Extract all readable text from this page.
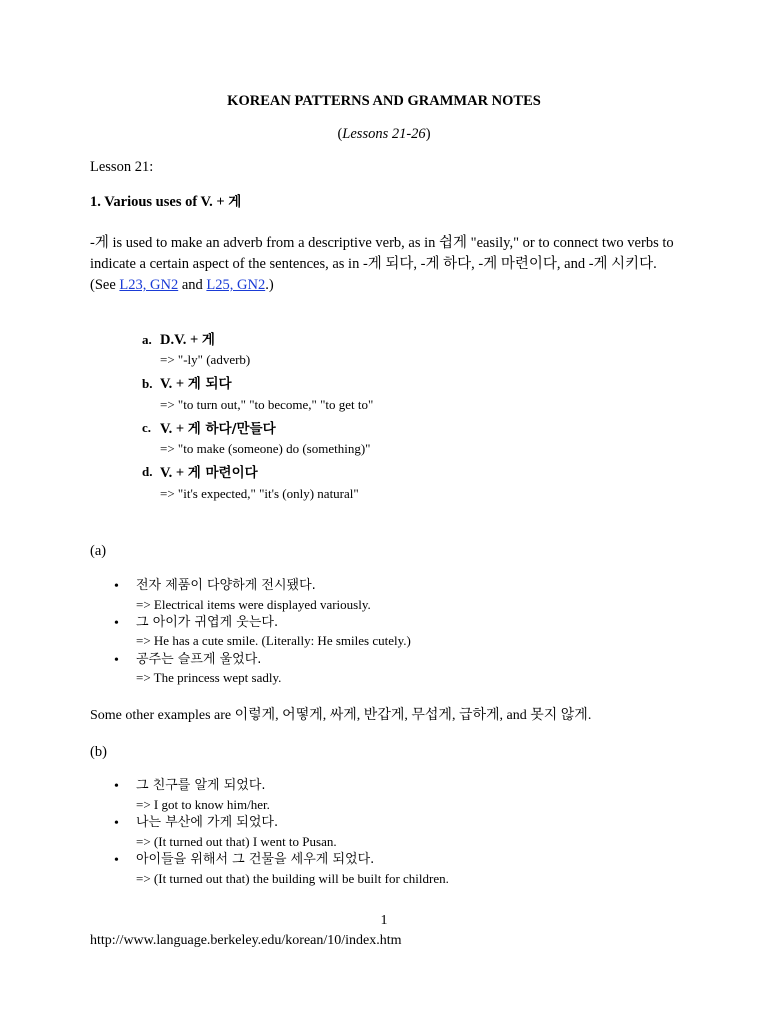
KOREAN PATTERNS AND GRAMMAR NOTES
(Lessons 21-26)
Lesson 21:
1. Various uses of V. + 게
-게 is used to make an adverb from a descriptive verb, as in 쉽게 "easily," or to connect two verbs to indicate a certain aspect of the sentences, as in -게 되다, -게 하다, -게 마련이다, and -게 시키다. (See L23, GN2 and L25, GN2.)
a. D.V. + 게
=> "-ly" (adverb)
b. V. + 게 되다
=> "to turn out," "to become," "to get to"
c. V. + 게 하다/만들다
=> "to make (someone) do (something)"
d. V. + 게 마련이다
=> "it's expected," "it's (only) natural"
(a)
• 전자 제품이 다양하게 전시됐다.
=> Electrical items were displayed variously.
• 그 아이가 귀엽게 웃는다.
=> He has a cute smile. (Literally: He smiles cutely.)
• 공주는 슬프게 울었다.
=> The princess wept sadly.
Some other examples are 이렇게, 어떻게, 싸게, 반갑게, 무섭게, 급하게, and 못지 않게.
(b)
• 그 친구를 알게 되었다.
=> I got to know him/her.
• 나는 부산에 가게 되었다.
=> (It turned out that) I went to Pusan.
• 아이들을 위해서 그 건물을 세우게 되었다.
=> (It turned out that) the building will be built for children.
1
http://www.language.berkeley.edu/korean/10/index.htm
